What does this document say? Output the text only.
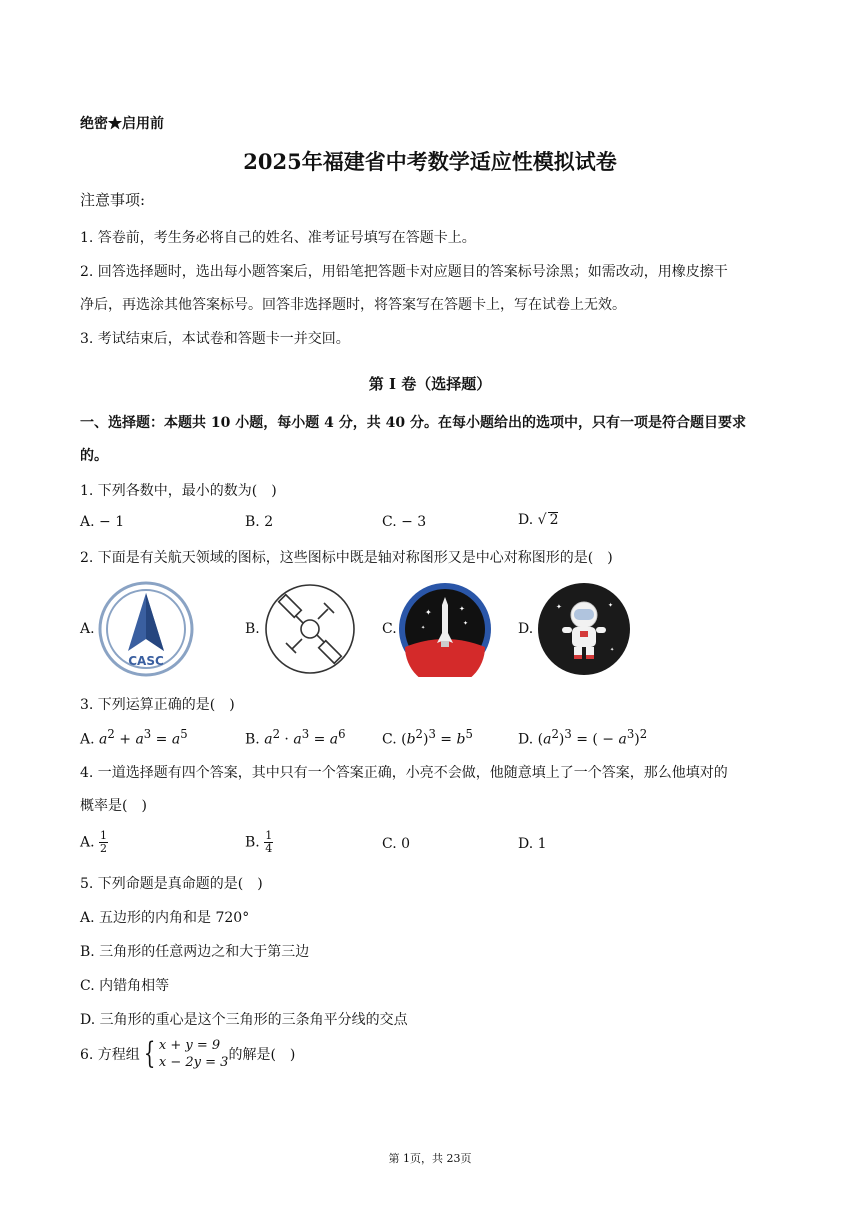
绝密★启用前
2025年福建省中考数学适应性模拟试卷
注意事项:
1. 答卷前，考生务必将自己的姓名、准考证号填写在答题卡上。
2. 回答选择题时，选出每小题答案后，用铅笔把答题卡对应题目的答案标号涂黑；如需改动，用橡皮擦干
净后，再选涂其他答案标号。回答非选择题时，将答案写在答题卡上，写在试卷上无效。
3. 考试结束后，本试卷和答题卡一并交回。
第 I 卷（选择题）
一、选择题：本题共 10 小题，每小题 4 分，共 40 分。在每小题给出的选项中，只有一项是符合题目要求
的。
1. 下列各数中，最小的数为(　)
A. − 1	B. 2	C. − 3	D. √ 2
2. 下面是有关航天领域的图标，这些图标中既是轴对称图形又是中心对称图形的是(　)
A.
CASC
B.	C.
✦	✦
✦
✦	D.
✦	✦
✦
3. 下列运算正确的是(　)
A. $a^2 + a^3 = a^5$	B. $a^2 \cdot a^3 = a^6$	C. $(b^2)^3 = b^5$	D. $(a^2)^3$ = ( − $a^3)^2$
4. 一道选择题有四个答案，其中只有一个答案正确，小亮不会做，他随意填上了一个答案，那么他填对的
概率是(　)
A. $\frac{1}{2}$	B. $\frac{1}{4}$	C. 0	D. 1
5. 下列命题是真命题的是(　)
A. 五边形的内角和是 720°
B. 三角形的任意两边之和大于第三边
C. 内错角相等
D. 三角形的重心是这个三角形的三条角平分线的交点
6. 方程组 { x + y = 9
x − 2y = 3 的解是(　)
第 1页，共 23页
